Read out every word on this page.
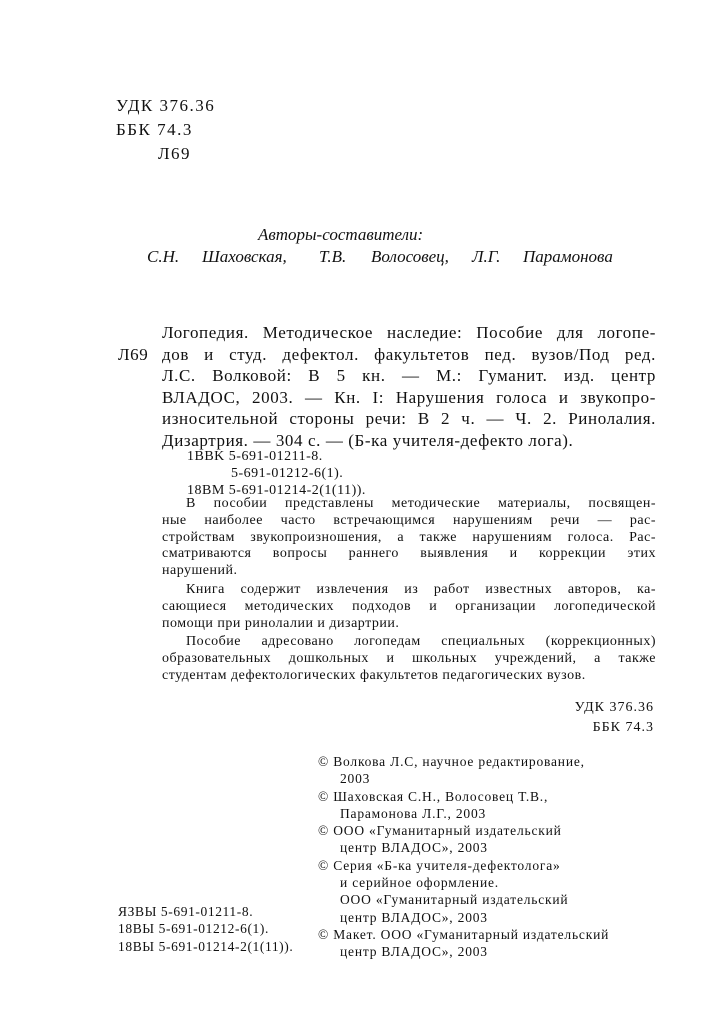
УДК 376.36
ББК 74.3
Л69
Авторы-составители:
С.Н. Шаховская, Т.В. Волосовец, Л.Г. Парамонова
Л69
Логопедия. Методическое наследие: Пособие для логопе-
дов и студ. дефектол. факультетов пед. вузов/Под ред.
Л.С. Волковой: В 5 кн. — М.: Гуманит. изд. центр
ВЛАДОС, 2003. — Кн. I: Нарушения голоса и звукопро-
износительной стороны речи: В 2 ч. — Ч. 2. Ринолалия.
Дизартрия. — 304 с. — (Б-ка учителя-дефекто лога).
1BBK 5-691-01211-8.
5-691-01212-6(1).
18BM 5-691-01214-2(1(11)).
В пособии представлены методические материалы, посвящен-
ные наиболее часто встречающимся нарушениям речи — рас-
стройствам звукопроизношения, а также нарушениям голоса. Рас-
сматриваются вопросы раннего выявления и коррекции этих
нарушений.
Книга содержит извлечения из работ известных авторов, ка-
сающиеся методических подходов и организации логопедической
помощи при ринолалии и дизартрии.
Пособие адресовано логопедам специальных (коррекционных)
образовательных дошкольных и школьных учреждений, а также
студентам дефектологических факультетов педагогических вузов.
УДК 376.36
ББК 74.3
© Волкова Л.С, научное редактирование,
2003
© Шаховская С.Н., Волосовец Т.В.,
Парамонова Л.Г., 2003
© ООО «Гуманитарный издательский
центр ВЛАДОС», 2003
© Серия «Б-ка учителя-дефектолога»
и серийное оформление.
ООО «Гуманитарный издательский
центр ВЛАДОС», 2003
© Макет. ООО «Гуманитарный издательский
центр ВЛАДОС», 2003
ЯЗВЫ 5-691-01211-8.
18ВЫ 5-691-01212-6(1).
18ВЫ 5-691-01214-2(1(11)).
